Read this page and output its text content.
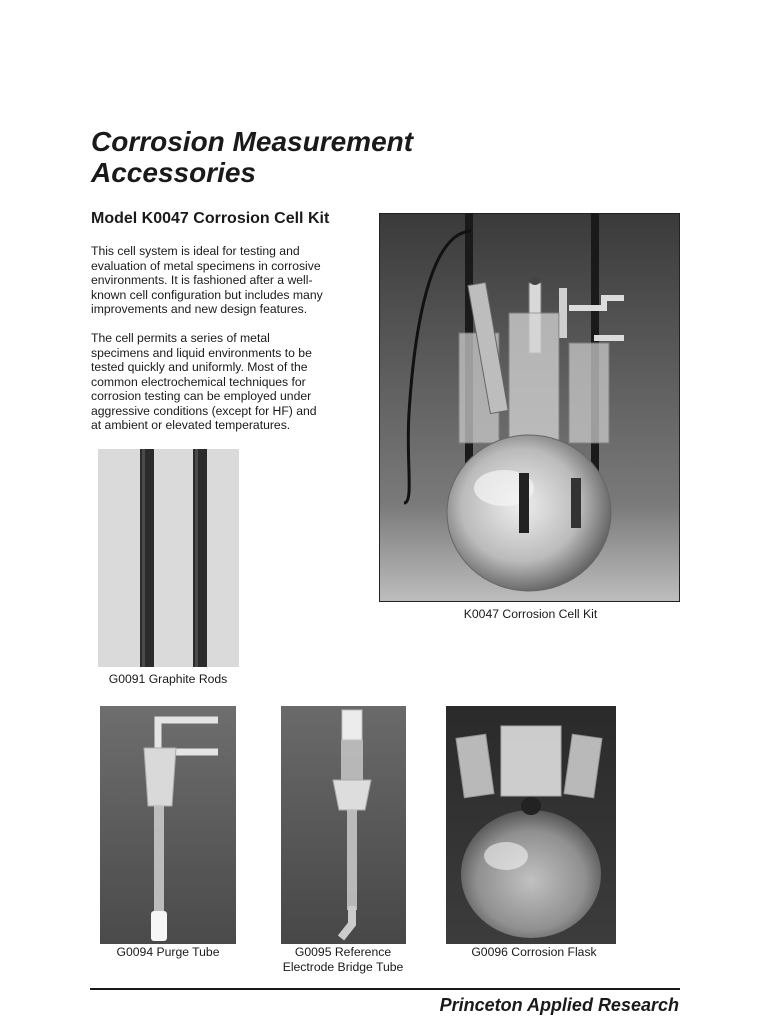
Corrosion Measurement
Accessories
Model K0047 Corrosion Cell Kit

This cell system is ideal for testing and
evaluation of metal specimens in corrosive
environments. It is fashioned after a well-
known cell configuration but includes many
improvements and new design features.

The cell permits a series of metal
specimens and liquid environments to be
tested quickly and uniformly. Most of the
common electrochemical techniques for
corrosion testing can be employed under
aggressive conditions (except for HF) and
at ambient or elevated temperatures.

K0047 Corrosion Cell Kit
G0091 Graphite Rods
G0094 Purge Tube	G0095 Reference
Electrode Bridge Tube
G0096 Corrosion Flask
Princeton Applied Research
